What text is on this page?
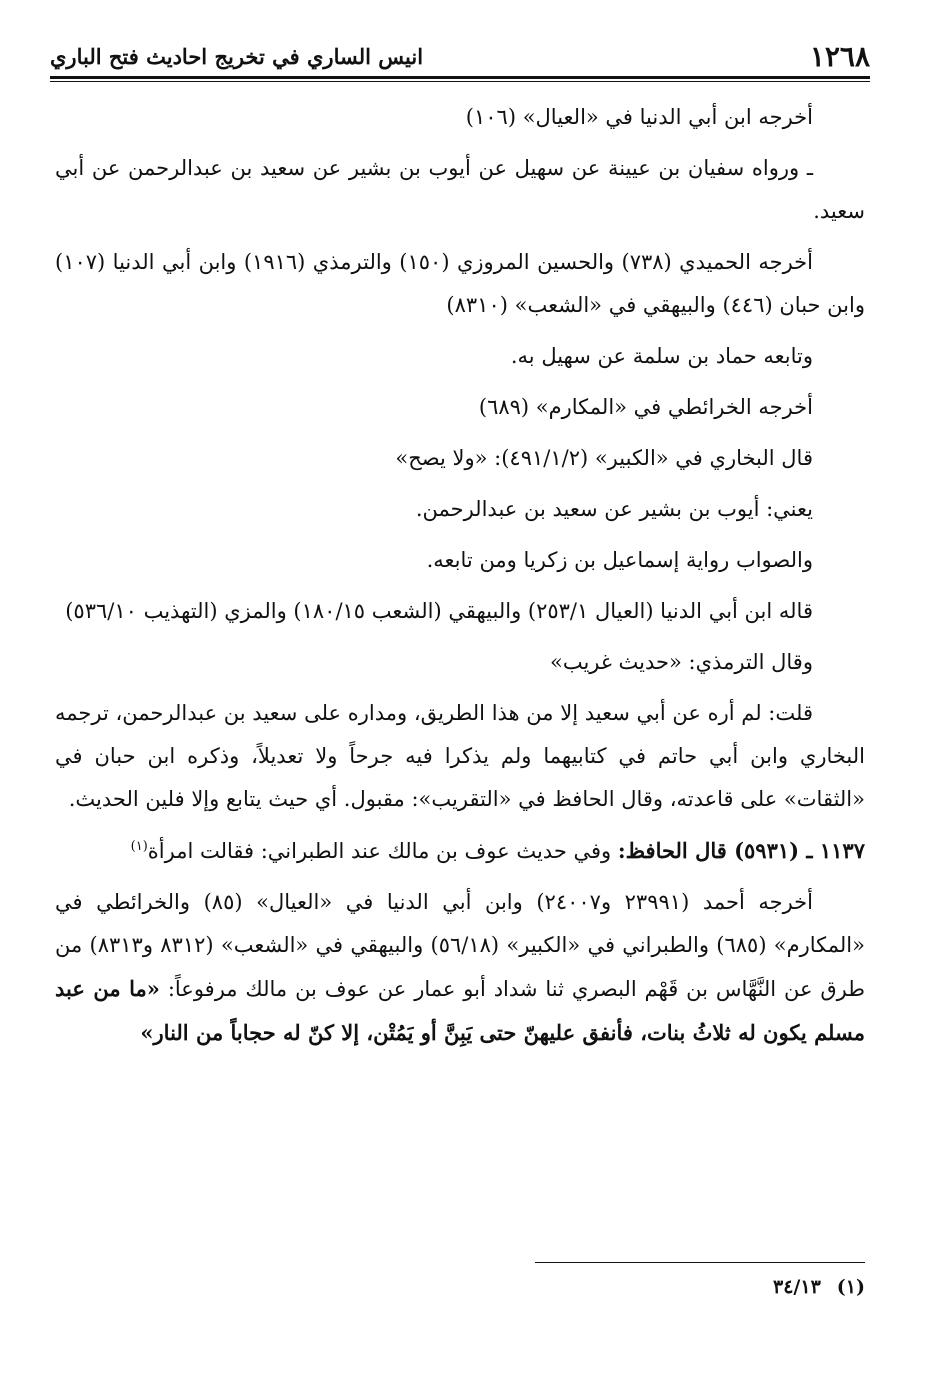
١٢٦٨
انيس الساري في تخريج احاديث فتح الباري

أخرجه ابن أبي الدنيا في «العيال» (١٠٦)

ـ ورواه سفيان بن عيينة عن سهيل عن أيوب بن بشير عن سعيد بن عبدالرحمن عن أبي سعيد.

أخرجه الحميدي (٧٣٨) والحسين المروزي (١٥٠) والترمذي (١٩١٦) وابن أبي الدنيا (١٠٧) وابن حبان (٤٤٦) والبيهقي في «الشعب» (٨٣١٠)

وتابعه حماد بن سلمة عن سهيل به.

أخرجه الخرائطي في «المكارم» (٦٨٩)

قال البخاري في «الكبير» (٤٩١/١/٢): «ولا يصح»

يعني: أيوب بن بشير عن سعيد بن عبدالرحمن.

والصواب رواية إسماعيل بن زكريا ومن تابعه.

قاله ابن أبي الدنيا (العيال ٢٥٣/١) والبيهقي (الشعب ١٨٠/١٥) والمزي (التهذيب ٥٣٦/١٠)

وقال الترمذي: «حديث غريب»

قلت: لم أره عن أبي سعيد إلا من هذا الطريق، ومداره على سعيد بن عبدالرحمن، ترجمه البخاري وابن أبي حاتم في كتابيهما ولم يذكرا فيه جرحاً ولا تعديلاً، وذكره ابن حبان في «الثقات» على قاعدته، وقال الحافظ في «التقريب»: مقبول. أي حيث يتابع وإلا فلين الحديث.

١١٣٧ ـ (٥٩٣١) قال الحافظ: وفي حديث عوف بن مالك عند الطبراني: فقالت امرأة$^{(١)}$

أخرجه أحمد (٢٣٩٩١ و٢٤٠٠٧) وابن أبي الدنيا في «العيال» (٨٥) والخرائطي في «المكارم» (٦٨٥) والطبراني في «الكبير» (٥٦/١٨) والبيهقي في «الشعب» (٨٣١٢ و٨٣١٣) من طرق عن النَّهَّاس بن قَهْم البصري ثنا شداد أبو عمار عن عوف بن مالك مرفوعاً: «ما من عبد مسلم يكون له ثلاثُ بنات، فأنفق عليهنّ حتى يَبِنَّ أو يَمُتْن، إلا كنّ له حجاباً من النار»

(١)٣٤/١٣
